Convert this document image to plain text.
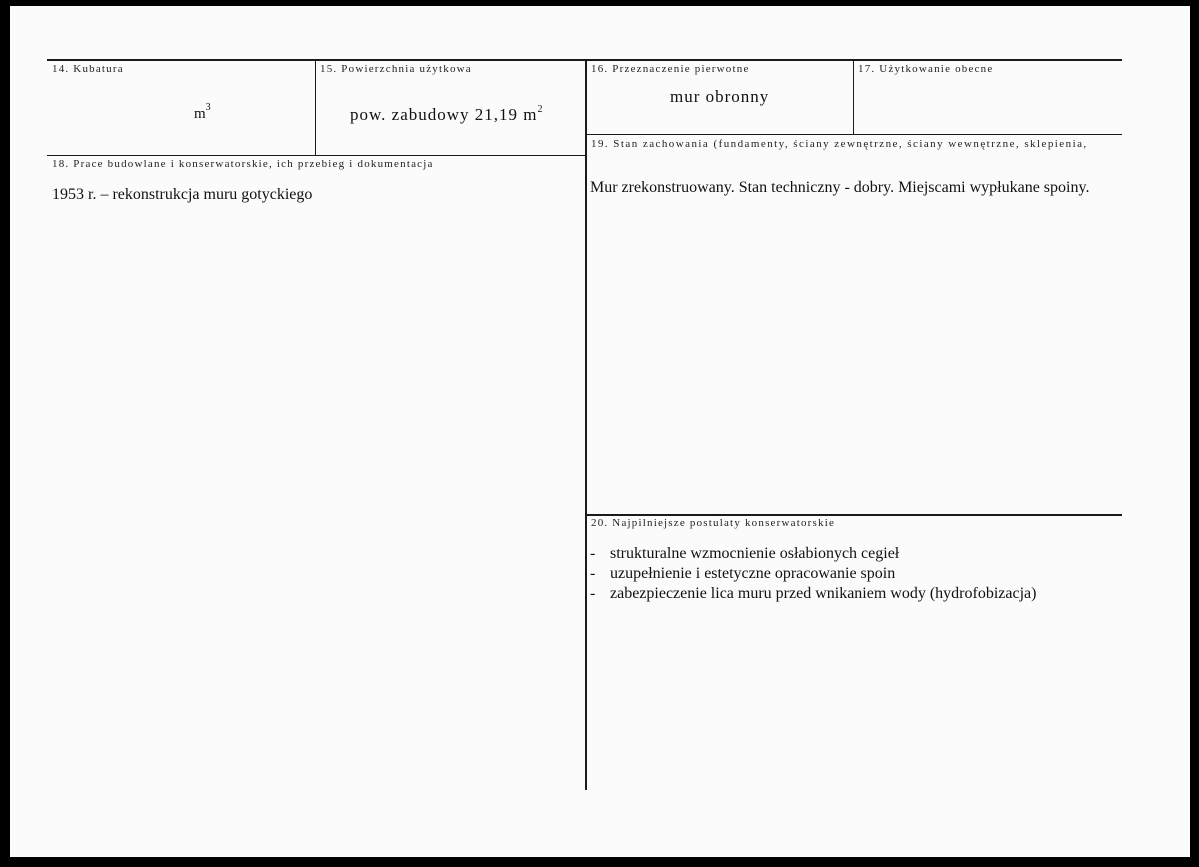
14. Kubatura
$m^3$
15. Powierzchnia użytkowa
pow. zabudowy 21,19 $m^2$
16. Przeznaczenie pierwotne
mur obronny
17. Użytkowanie obecne
18. Prace budowlane i konserwatorskie, ich przebieg i dokumentacja
1953 r. – rekonstrukcja muru gotyckiego
19. Stan zachowania (fundamenty, ściany zewnętrzne, ściany wewnętrzne, sklepienia,
Mur zrekonstruowany. Stan techniczny - dobry. Miejscami wypłukane spoiny.
20. Najpilniejsze postulaty konserwatorskie
- strukturalne wzmocnienie osłabionych cegieł
- uzupełnienie i estetyczne opracowanie spoin
- zabezpieczenie lica muru przed wnikaniem wody (hydrofobizacja)
